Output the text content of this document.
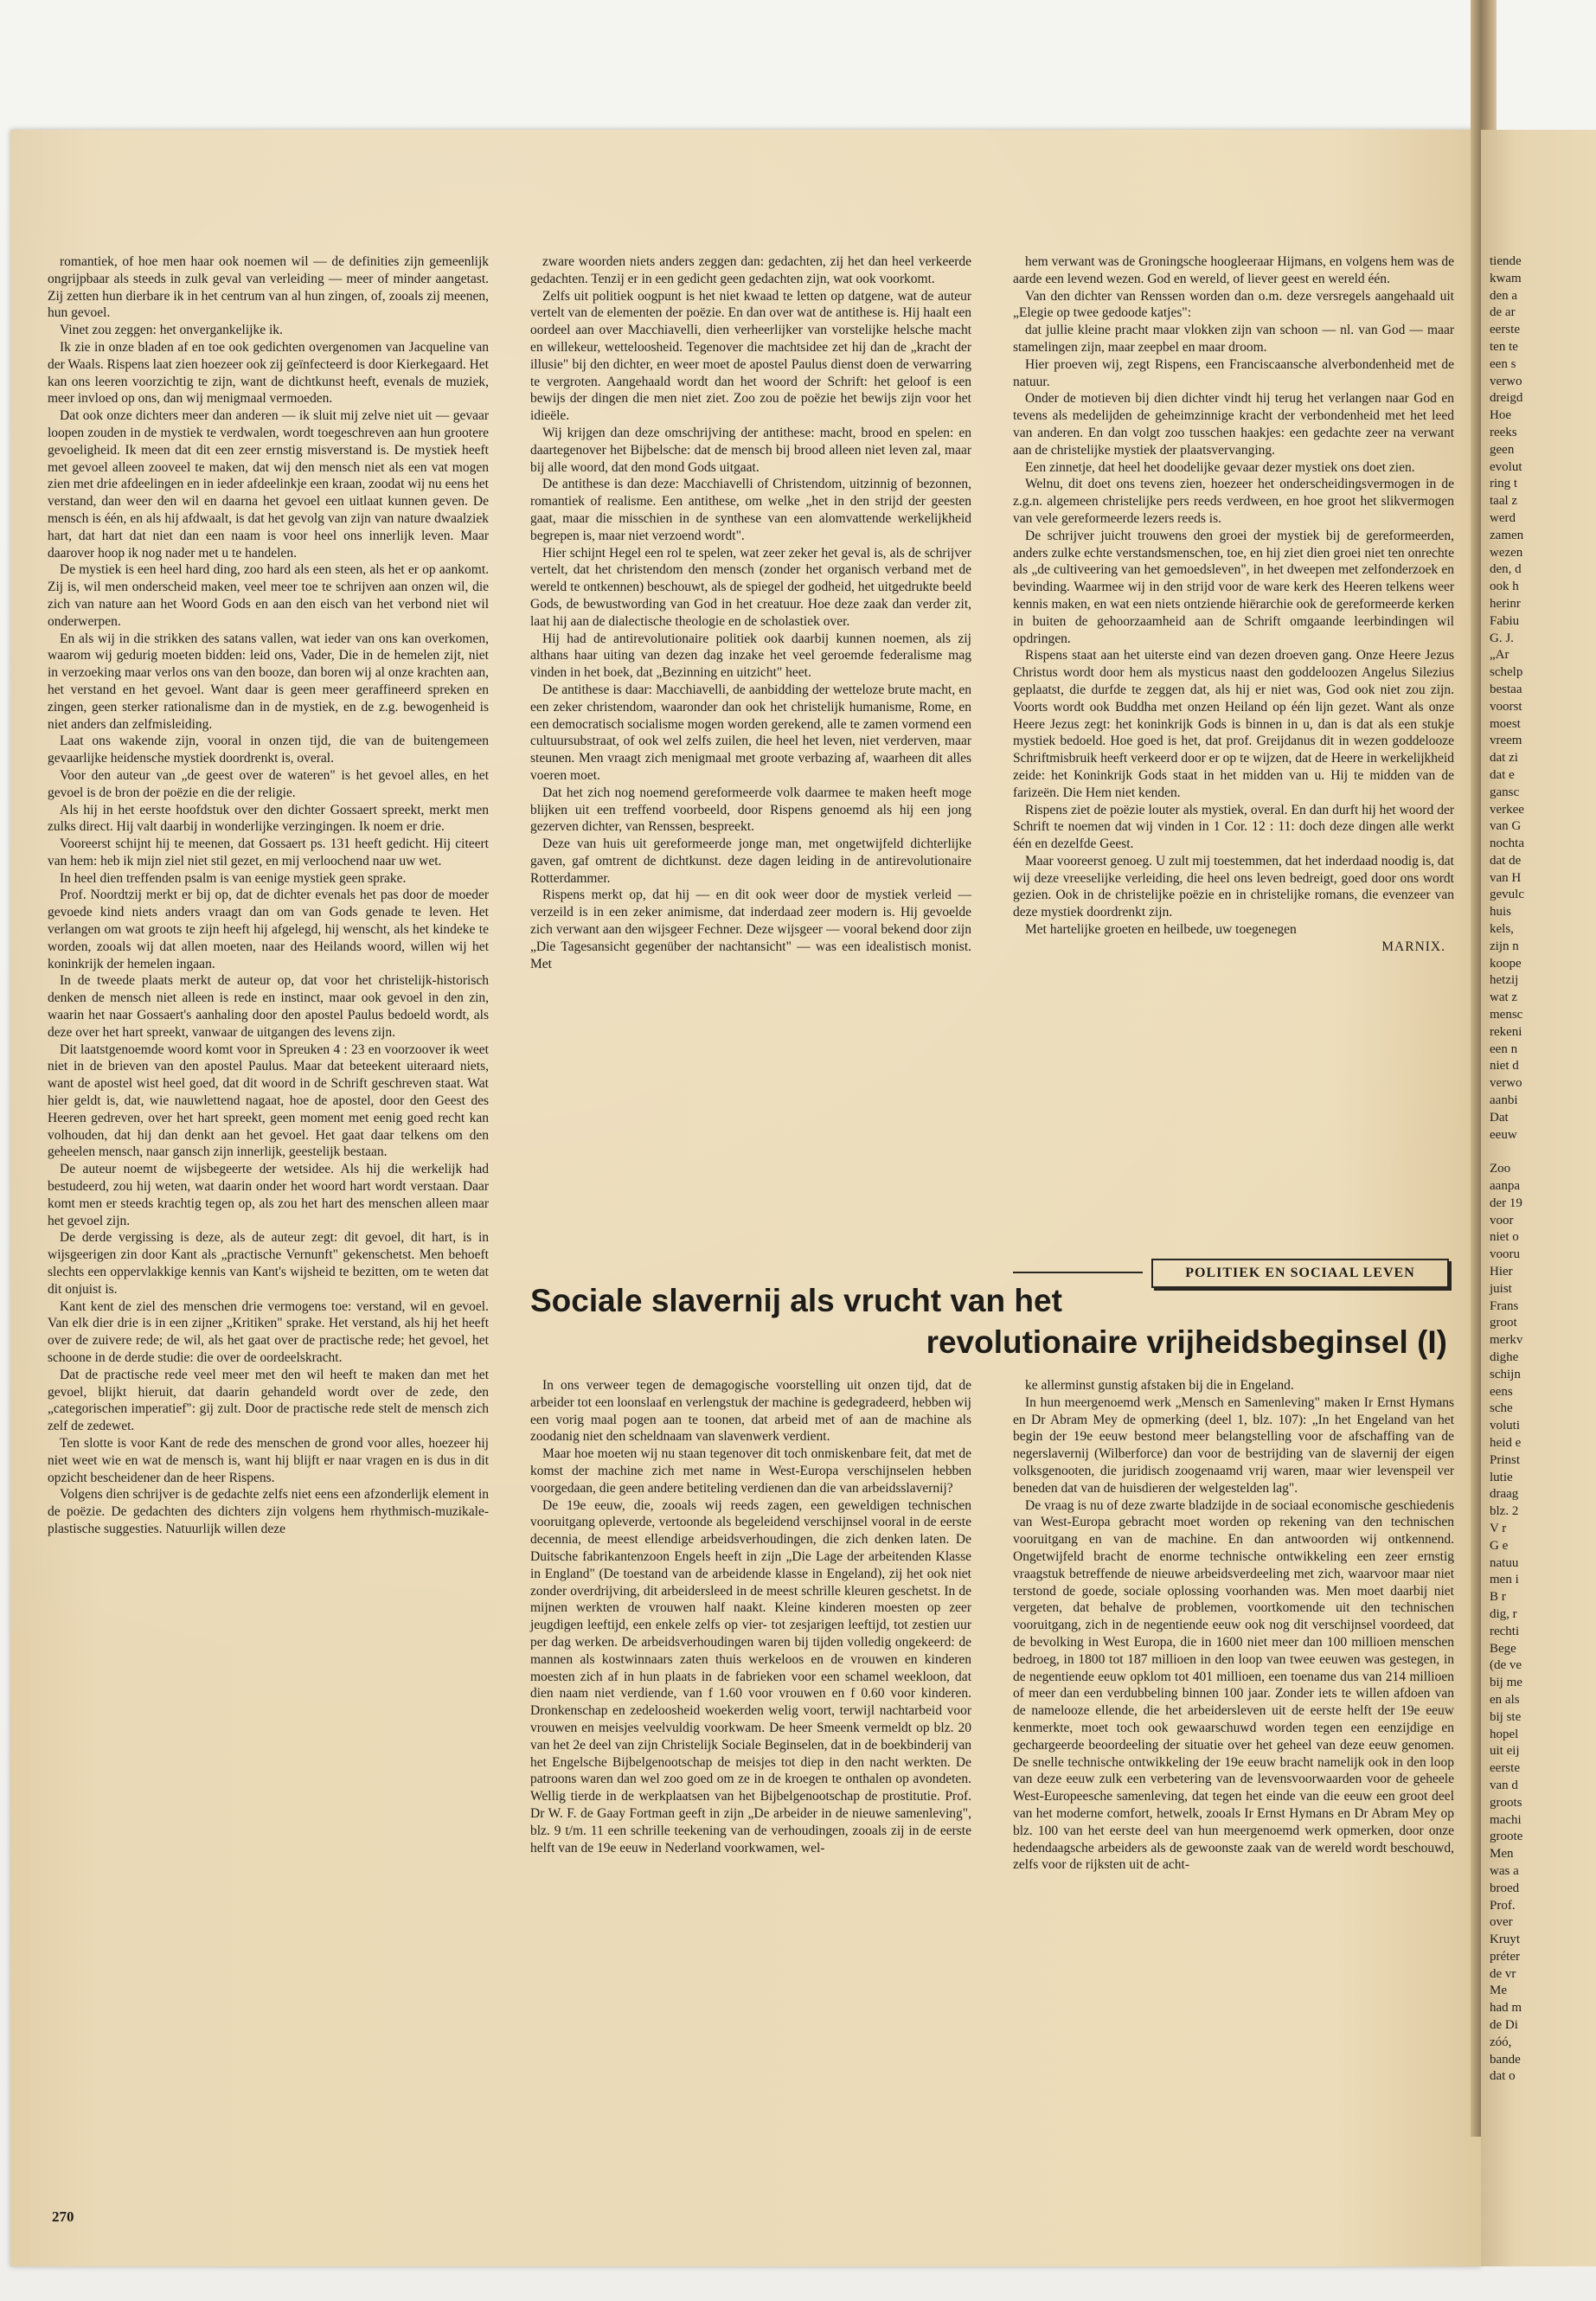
romantiek, of hoe men haar ook noemen wil — de definities zijn gemeenlijk ongrijpbaar als steeds in zulk geval van verleiding — meer of minder aangetast. Zij zetten hun dierbare ik in het centrum van al hun zingen, of, zooals zij meenen, hun gevoel.

Vinet zou zeggen: het onvergankelijke ik.

Ik zie in onze bladen af en toe ook gedichten overgenomen van Jacqueline van der Waals. Rispens laat zien hoezeer ook zij geïnfecteerd is door Kierkegaard. Het kan ons leeren voorzichtig te zijn, want de dichtkunst heeft, evenals de muziek, meer invloed op ons, dan wij menigmaal vermoeden.

Dat ook onze dichters meer dan anderen — ik sluit mij zelve niet uit — gevaar loopen zouden in de mystiek te verdwalen, wordt toegeschreven aan hun grootere gevoeligheid. Ik meen dat dit een zeer ernstig misverstand is. De mystiek heeft met gevoel alleen zooveel te maken, dat wij den mensch niet als een vat mogen zien met drie afdeelingen en in ieder afdeelinkje een kraan, zoodat wij nu eens het verstand, dan weer den wil en daarna het gevoel een uitlaat kunnen geven. De mensch is één, en als hij afdwaalt, is dat het gevolg van zijn van nature dwaalziek hart, dat hart dat niet dan een naam is voor heel ons innerlijk leven. Maar daarover hoop ik nog nader met u te handelen.

De mystiek is een heel hard ding, zoo hard als een steen, als het er op aankomt. Zij is, wil men onderscheid maken, veel meer toe te schrijven aan onzen wil, die zich van nature aan het Woord Gods en aan den eisch van het verbond niet wil onderwerpen.

En als wij in die strikken des satans vallen, wat ieder van ons kan overkomen, waarom wij gedurig moeten bidden: leid ons, Vader, Die in de hemelen zijt, niet in verzoeking maar verlos ons van den booze, dan boren wij al onze krachten aan, het verstand en het gevoel. Want daar is geen meer geraffineerd spreken en zingen, geen sterker rationalisme dan in de mystiek, en de z.g. bewogenheid is niet anders dan zelfmisleiding.

Laat ons wakende zijn, vooral in onzen tijd, die van de buitengemeen gevaarlijke heidensche mystiek doordrenkt is, overal.

Voor den auteur van „de geest over de wateren" is het gevoel alles, en het gevoel is de bron der poëzie en die der religie.

Als hij in het eerste hoofdstuk over den dichter Gossaert spreekt, merkt men zulks direct. Hij valt daarbij in wonderlijke verzingingen. Ik noem er drie.

Vooreerst schijnt hij te meenen, dat Gossaert ps. 131 heeft gedicht. Hij citeert van hem: heb ik mijn ziel niet stil gezet, en mij verloochend naar uw wet.

In heel dien treffenden psalm is van eenige mystiek geen sprake.

Prof. Noordtzij merkt er bij op, dat de dichter evenals het pas door de moeder gevoede kind niets anders vraagt dan om van Gods genade te leven. Het verlangen om wat groots te zijn heeft hij afgelegd, hij wenscht, als het kindeke te worden, zooals wij dat allen moeten, naar des Heilands woord, willen wij het koninkrijk der hemelen ingaan.

In de tweede plaats merkt de auteur op, dat voor het christelijk-historisch denken de mensch niet alleen is rede en instinct, maar ook gevoel in den zin, waarin het naar Gossaert's aanhaling door den apostel Paulus bedoeld wordt, als deze over het hart spreekt, vanwaar de uitgangen des levens zijn.

Dit laatstgenoemde woord komt voor in Spreuken 4 : 23 en voorzoover ik weet niet in de brieven van den apostel Paulus. Maar dat beteekent uiteraard niets, want de apostel wist heel goed, dat dit woord in de Schrift geschreven staat. Wat hier geldt is, dat, wie nauwlettend nagaat, hoe de apostel, door den Geest des Heeren gedreven, over het hart spreekt, geen moment met eenig goed recht kan volhouden, dat hij dan denkt aan het gevoel. Het gaat daar telkens om den geheelen mensch, naar gansch zijn innerlijk, geestelijk bestaan.

De auteur noemt de wijsbegeerte der wetsidee. Als hij die werkelijk had bestudeerd, zou hij weten, wat daarin onder het woord hart wordt verstaan. Daar komt men er steeds krachtig tegen op, als zou het hart des menschen alleen maar het gevoel zijn.

De derde vergissing is deze, als de auteur zegt: dit gevoel, dit hart, is in wijsgeerigen zin door Kant als „practische Vernunft" gekenschetst. Men behoeft slechts een oppervlakkige kennis van Kant's wijsheid te bezitten, om te weten dat dit onjuist is.

Kant kent de ziel des menschen drie vermogens toe: verstand, wil en gevoel. Van elk dier drie is in een zijner „Kritiken" sprake. Het verstand, als hij het heeft over de zuivere rede; de wil, als het gaat over de practische rede; het gevoel, het schoone in de derde studie: die over de oordeelskracht.

Dat de practische rede veel meer met den wil heeft te maken dan met het gevoel, blijkt hieruit, dat daarin gehandeld wordt over de zede, den „categorischen imperatief": gij zult. Door de practische rede stelt de mensch zich zelf de zedewet.

Ten slotte is voor Kant de rede des menschen de grond voor alles, hoezeer hij niet weet wie en wat de mensch is, want hij blijft er naar vragen en is dus in dit opzicht bescheidener dan de heer Rispens.

Volgens dien schrijver is de gedachte zelfs niet eens een afzonderlijk element in de poëzie. De gedachten des dichters zijn volgens hem rhythmisch-muzikale-plastische suggesties. Natuurlijk willen deze

zware woorden niets anders zeggen dan: gedachten, zij het dan heel verkeerde gedachten. Tenzij er in een gedicht geen gedachten zijn, wat ook voorkomt.

Zelfs uit politiek oogpunt is het niet kwaad te letten op datgene, wat de auteur vertelt van de elementen der poëzie. En dan over wat de antithese is. Hij haalt een oordeel aan over Macchiavelli, dien verheerlijker van vorstelijke helsche macht en willekeur, wetteloosheid. Tegenover die machtsidee zet hij dan de „kracht der illusie" bij den dichter, en weer moet de apostel Paulus dienst doen de verwarring te vergroten. Aangehaald wordt dan het woord der Schrift: het geloof is een bewijs der dingen die men niet ziet. Zoo zou de poëzie het bewijs zijn voor het idieële.

Wij krijgen dan deze omschrijving der antithese: macht, brood en spelen: en daartegenover het Bijbelsche: dat de mensch bij brood alleen niet leven zal, maar bij alle woord, dat den mond Gods uitgaat.

De antithese is dan deze: Macchiavelli of Christendom, uitzinnig of bezonnen, romantiek of realisme. Een antithese, om welke „het in den strijd der geesten gaat, maar die misschien in de synthese van een alomvattende werkelijkheid begrepen is, maar niet verzoend wordt".

Hier schijnt Hegel een rol te spelen, wat zeer zeker het geval is, als de schrijver vertelt, dat het christendom den mensch (zonder het organisch verband met de wereld te ontkennen) beschouwt, als de spiegel der godheid, het uitgedrukte beeld Gods, de bewustwording van God in het creatuur. Hoe deze zaak dan verder zit, laat hij aan de dialectische theologie en de scholastiek over.

Hij had de antirevolutionaire politiek ook daarbij kunnen noemen, als zij althans haar uiting van dezen dag inzake het veel geroemde federalisme mag vinden in het boek, dat „Bezinning en uitzicht" heet.

De antithese is daar: Macchiavelli, de aanbidding der wetteloze brute macht, en een zeker christendom, waaronder dan ook het christelijk humanisme, Rome, en een democratisch socialisme mogen worden gerekend, alle te zamen vormend een cultuursubstraat, of ook wel zelfs zuilen, die heel het leven, niet verderven, maar steunen. Men vraagt zich menigmaal met groote verbazing af, waarheen dit alles voeren moet.

Dat het zich nog noemend gereformeerde volk daarmee te maken heeft moge blijken uit een treffend voorbeeld, door Rispens genoemd als hij een jong gezerven dichter, van Renssen, bespreekt.

Deze van huis uit gereformeerde jonge man, met ongetwijfeld dichterlijke gaven, gaf omtrent de dichtkunst. deze dagen leiding in de antirevolutionaire Rotterdammer.

Rispens merkt op, dat hij — en dit ook weer door de mystiek verleid — verzeild is in een zeker animisme, dat inderdaad zeer modern is. Hij gevoelde zich verwant aan den wijsgeer Fechner. Deze wijsgeer — vooral bekend door zijn „Die Tagesansicht gegenüber der nachtansicht" — was een idealistisch monist. Met

hem verwant was de Groningsche hoogleeraar Hijmans, en volgens hem was de aarde een levend wezen. God en wereld, of liever geest en wereld één.

Van den dichter van Renssen worden dan o.m. deze versregels aangehaald uit „Elegie op twee gedoode katjes":

dat jullie kleine pracht maar vlokken zijn van schoon — nl. van God — maar stamelingen zijn, maar zeepbel en maar droom.

Hier proeven wij, zegt Rispens, een Franciscaansche alverbondenheid met de natuur.

Onder de motieven bij dien dichter vindt hij terug het verlangen naar God en tevens als medelijden de geheimzinnige kracht der verbondenheid met het leed van anderen. En dan volgt zoo tusschen haakjes: een gedachte zeer na verwant aan de christelijke mystiek der plaatsvervanging.

Een zinnetje, dat heel het doodelijke gevaar dezer mystiek ons doet zien.

Welnu, dit doet ons tevens zien, hoezeer het onderscheidingsvermogen in de z.g.n. algemeen christelijke pers reeds verdween, en hoe groot het slikvermogen van vele gereformeerde lezers reeds is.

De schrijver juicht trouwens den groei der mystiek bij de gereformeerden, anders zulke echte verstandsmenschen, toe, en hij ziet dien groei niet ten onrechte als „de cultiveering van het gemoedsleven", in het dweepen met zelfonderzoek en bevinding. Waarmee wij in den strijd voor de ware kerk des Heeren telkens weer kennis maken, en wat een niets ontziende hiërarchie ook de gereformeerde kerken in buiten de gehoorzaamheid aan de Schrift omgaande leerbindingen wil opdringen.

Rispens staat aan het uiterste eind van dezen droeven gang. Onze Heere Jezus Christus wordt door hem als mysticus naast den goddeloozen Angelus Silezius geplaatst, die durfde te zeggen dat, als hij er niet was, God ook niet zou zijn. Voorts wordt ook Buddha met onzen Heiland op één lijn gezet. Want als onze Heere Jezus zegt: het koninkrijk Gods is binnen in u, dan is dat als een stukje mystiek bedoeld. Hoe goed is het, dat prof. Greijdanus dit in wezen goddelooze Schriftmisbruik heeft verkeerd door er op te wijzen, dat de Heere in werkelijkheid zeide: het Koninkrijk Gods staat in het midden van u. Hij te midden van de farizeën. Die Hem niet kenden.

Rispens ziet de poëzie louter als mystiek, overal. En dan durft hij het woord der Schrift te noemen dat wij vinden in 1 Cor. 12 : 11: doch deze dingen alle werkt één en dezelfde Geest.

Maar vooreerst genoeg. U zult mij toestemmen, dat het inderdaad noodig is, dat wij deze vreeselijke verleiding, die heel ons leven bedreigt, goed door ons wordt gezien. Ook in de christelijke poëzie en in christelijke romans, die evenzeer van deze mystiek doordrenkt zijn.

Met hartelijke groeten en heilbede, uw toegenegen

MARNIX.

POLITIEK EN SOCIAAL LEVEN
Sociale slavernij als vrucht van het
revolutionaire vrijheidsbeginsel (I)

In ons verweer tegen de demagogische voorstelling uit onzen tijd, dat de arbeider tot een loonslaaf en verlengstuk der machine is gedegradeerd, hebben wij een vorig maal pogen aan te toonen, dat arbeid met of aan de machine als zoodanig niet den scheldnaam van slavenwerk verdient.

Maar hoe moeten wij nu staan tegenover dit toch onmiskenbare feit, dat met de komst der machine zich met name in West-Europa verschijnselen hebben voorgedaan, die geen andere betiteling verdienen dan die van arbeidsslavernij?

De 19e eeuw, die, zooals wij reeds zagen, een geweldigen technischen vooruitgang opleverde, vertoonde als begeleidend verschijnsel vooral in de eerste decennia, de meest ellendige arbeidsverhoudingen, die zich denken laten. De Duitsche fabrikantenzoon Engels heeft in zijn „Die Lage der arbeitenden Klasse in England" (De toestand van de arbeidende klasse in Engeland), zij het ook niet zonder overdrijving, dit arbeidersleed in de meest schrille kleuren geschetst. In de mijnen werkten de vrouwen half naakt. Kleine kinderen moesten op zeer jeugdigen leeftijd, een enkele zelfs op vier- tot zesjarigen leeftijd, tot zestien uur per dag werken. De arbeidsverhoudingen waren bij tijden volledig ongekeerd: de mannen als kostwinnaars zaten thuis werkeloos en de vrouwen en kinderen moesten zich af in hun plaats in de fabrieken voor een schamel weekloon, dat dien naam niet verdiende, van f 1.60 voor vrouwen en f 0.60 voor kinderen. Dronkenschap en zedeloosheid woekerden welig voort, terwijl nachtarbeid voor vrouwen en meisjes veelvuldig voorkwam. De heer Smeenk vermeldt op blz. 20 van het 2e deel van zijn Christelijk Sociale Beginselen, dat in de boekbinderij van het Engelsche Bijbelgenootschap de meisjes tot diep in den nacht werkten. De patroons waren dan wel zoo goed om ze in de kroegen te onthalen op avondeten. Wellig tierde in de werkplaatsen van het Bijbelgenootschap de prostitutie. Prof. Dr W. F. de Gaay Fortman geeft in zijn „De arbeider in de nieuwe samenleving", blz. 9 t/m. 11 een schrille teekening van de verhoudingen, zooals zij in de eerste helft van de 19e eeuw in Nederland voorkwamen, wel-

ke allerminst gunstig afstaken bij die in Engeland.

In hun meergenoemd werk „Mensch en Samenleving" maken Ir Ernst Hymans en Dr Abram Mey de opmerking (deel 1, blz. 107): „In het Engeland van het begin der 19e eeuw bestond meer belangstelling voor de afschaffing van de negerslavernij (Wilberforce) dan voor de bestrijding van de slavernij der eigen volksgenooten, die juridisch zoogenaamd vrij waren, maar wier levenspeil ver beneden dat van de huisdieren der welgestelden lag".

De vraag is nu of deze zwarte bladzijde in de sociaal economische geschiedenis van West-Europa gebracht moet worden op rekening van den technischen vooruitgang en van de machine. En dan antwoorden wij ontkennend. Ongetwijfeld bracht de enorme technische ontwikkeling een zeer ernstig vraagstuk betreffende de nieuwe arbeidsverdeeling met zich, waarvoor maar niet terstond de goede, sociale oplossing voorhanden was. Men moet daarbij niet vergeten, dat behalve de problemen, voortkomende uit den technischen vooruitgang, zich in de negentiende eeuw ook nog dit verschijnsel voordeed, dat de bevolking in West Europa, die in 1600 niet meer dan 100 millioen menschen bedroeg, in 1800 tot 187 millioen in den loop van twee eeuwen was gestegen, in de negentiende eeuw opklom tot 401 millioen, een toename dus van 214 millioen of meer dan een verdubbeling binnen 100 jaar. Zonder iets te willen afdoen van de namelooze ellende, die het arbeidersleven uit de eerste helft der 19e eeuw kenmerkte, moet toch ook gewaarschuwd worden tegen een eenzijdige en gechargeerde beoordeeling der situatie over het geheel van deze eeuw genomen. De snelle technische ontwikkeling der 19e eeuw bracht namelijk ook in den loop van deze eeuw zulk een verbetering van de levensvoorwaarden voor de geheele West-Europeesche samenleving, dat tegen het einde van die eeuw een groot deel van het moderne comfort, hetwelk, zooals Ir Ernst Hymans en Dr Abram Mey op blz. 100 van het eerste deel van hun meergenoemd werk opmerken, door onze hedendaagsche arbeiders als de gewoonste zaak van de wereld wordt beschouwd, zelfs voor de rijksten uit de acht-

270
tiende
kwam
den a
de ar
eerste
ten te
een s
verwo
dreigd
Hoe
reeks
geen
evolut
ring t
taal z
werd
zamen
wezen
den, d
ook h
herinr
Fabiu
G. J.
„Ar
schelp
bestaa
voorst
moest
vreem
dat zi
dat e
gansc
verkee
van G
nochta
dat de
van H
gevulc
huis
kels,
zijn n
koope
hetzij
wat z
mensc
rekeni
een n
niet d
verwo
aanbi
Dat
eeuw

Zoo
aanpa
der 19
voor
niet o
vooru
Hier
juist
Frans
groot
merkv
dighe
schijn
eens
sche
voluti
heid e
Prinst
lutie
draag
blz. 2
V r
G e
natuu
men i
B r
dig, r
rechti
Bege
(de ve
bij me
en als
bij ste
hopel
uit eij
eerste
van d
groots
machi
groote
Men
was a
broed
Prof.
over
Kruyt
préter
de vr
Me
had m
de Di
zóó,
bande
dat o
